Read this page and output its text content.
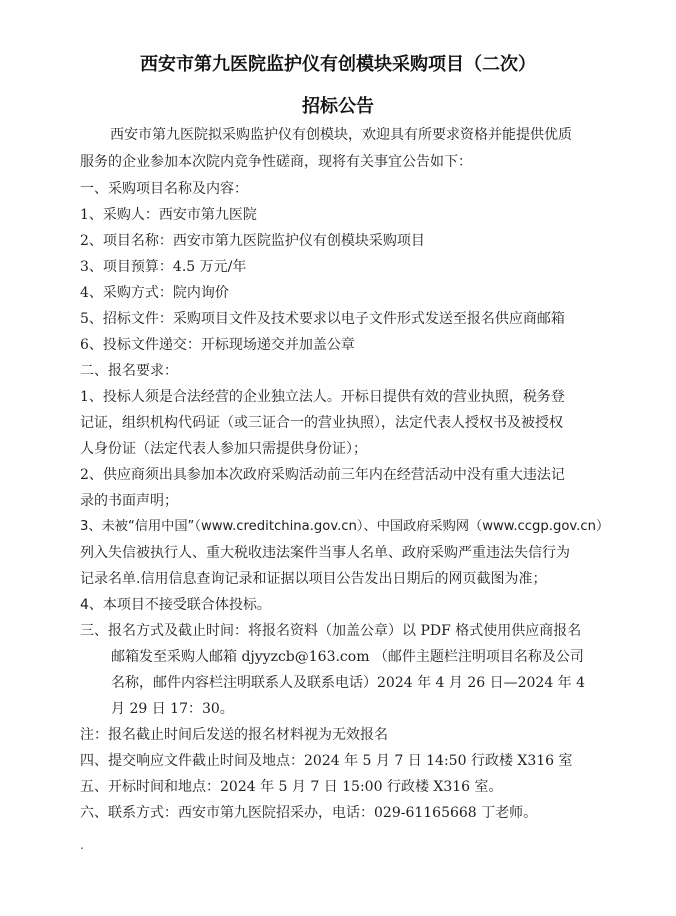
西安市第九医院监护仪有创模块采购项目（二次）
招标公告
西安市第九医院拟采购监护仪有创模块，欢迎具有所要求资格并能提供优质
服务的企业参加本次院内竞争性磋商，现将有关事宜公告如下：
一、采购项目名称及内容：
1、采购人：西安市第九医院
2、项目名称：西安市第九医院监护仪有创模块采购项目
3、项目预算：4.5 万元/年
4、采购方式：院内询价
5、招标文件：采购项目文件及技术要求以电子文件形式发送至报名供应商邮箱
6、投标文件递交：开标现场递交并加盖公章
二、报名要求：
1、投标人须是合法经营的企业独立法人。开标日提供有效的营业执照，税务登
记证，组织机构代码证（或三证合一的营业执照），法定代表人授权书及被授权
人身份证（法定代表人参加只需提供身份证）；
2、供应商须出具参加本次政府采购活动前三年内在经营活动中没有重大违法记
录的书面声明；
3、未被“信用中国”（www.creditchina.gov.cn）、中国政府采购网（www.ccgp.gov.cn）
列入失信被执行人、重大税收违法案件当事人名单、政府采购严重违法失信行为
记录名单.信用信息查询记录和证据以项目公告发出日期后的网页截图为准；
4、本项目不接受联合体投标。
三、报名方式及截止时间：将报名资料（加盖公章）以 PDF 格式使用供应商报名
邮箱发至采购人邮箱 djyyzcb@163.com （邮件主题栏注明项目名称及公司
名称，邮件内容栏注明联系人及联系电话）2024 年 4 月 26 日—2024 年 4
月 29 日 17：30。
注：报名截止时间后发送的报名材料视为无效报名
四、提交响应文件截止时间及地点：2024 年 5 月 7 日 14:50 行政楼 X316 室
五、开标时间和地点：2024 年 5 月 7 日 15:00 行政楼 X316 室。
六、联系方式：西安市第九医院招采办，电话：029-61165668 丁老师。
.
